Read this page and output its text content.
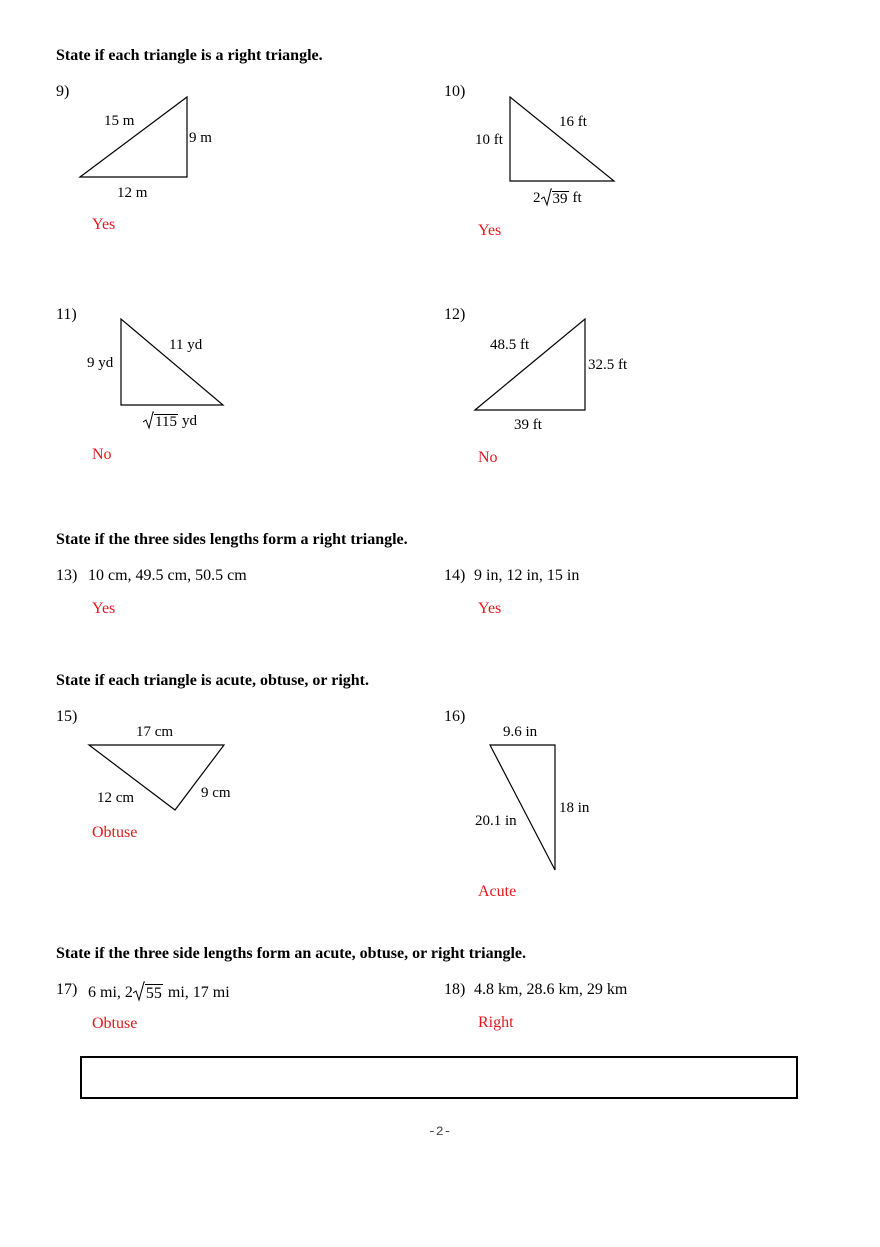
State if each triangle is a right triangle.
State if the three sides lengths form a right triangle.
State if each triangle is acute, obtuse, or right.
State if the three side lengths form an acute, obtuse, or right triangle.
9)
15 m
9 m
12 m
Yes
10)
16 ft
10 ft
2 39 ft
Yes
11)
11 yd
9 yd
115 yd
No
12)
48.5 ft
32.5 ft
39 ft
No
13) 10 cm, 49.5 cm, 50.5 cm
Yes
14) 9 in, 12 in, 15 in
Yes
15)
17 cm
9 cm
12 cm
Obtuse
16)
9.6 in
18 in
20.1 in
Acute
17) 6 mi, 2 55 mi, 17 mi
Obtuse
18) 4.8 km, 28.6 km, 29 km
Right
-2-
